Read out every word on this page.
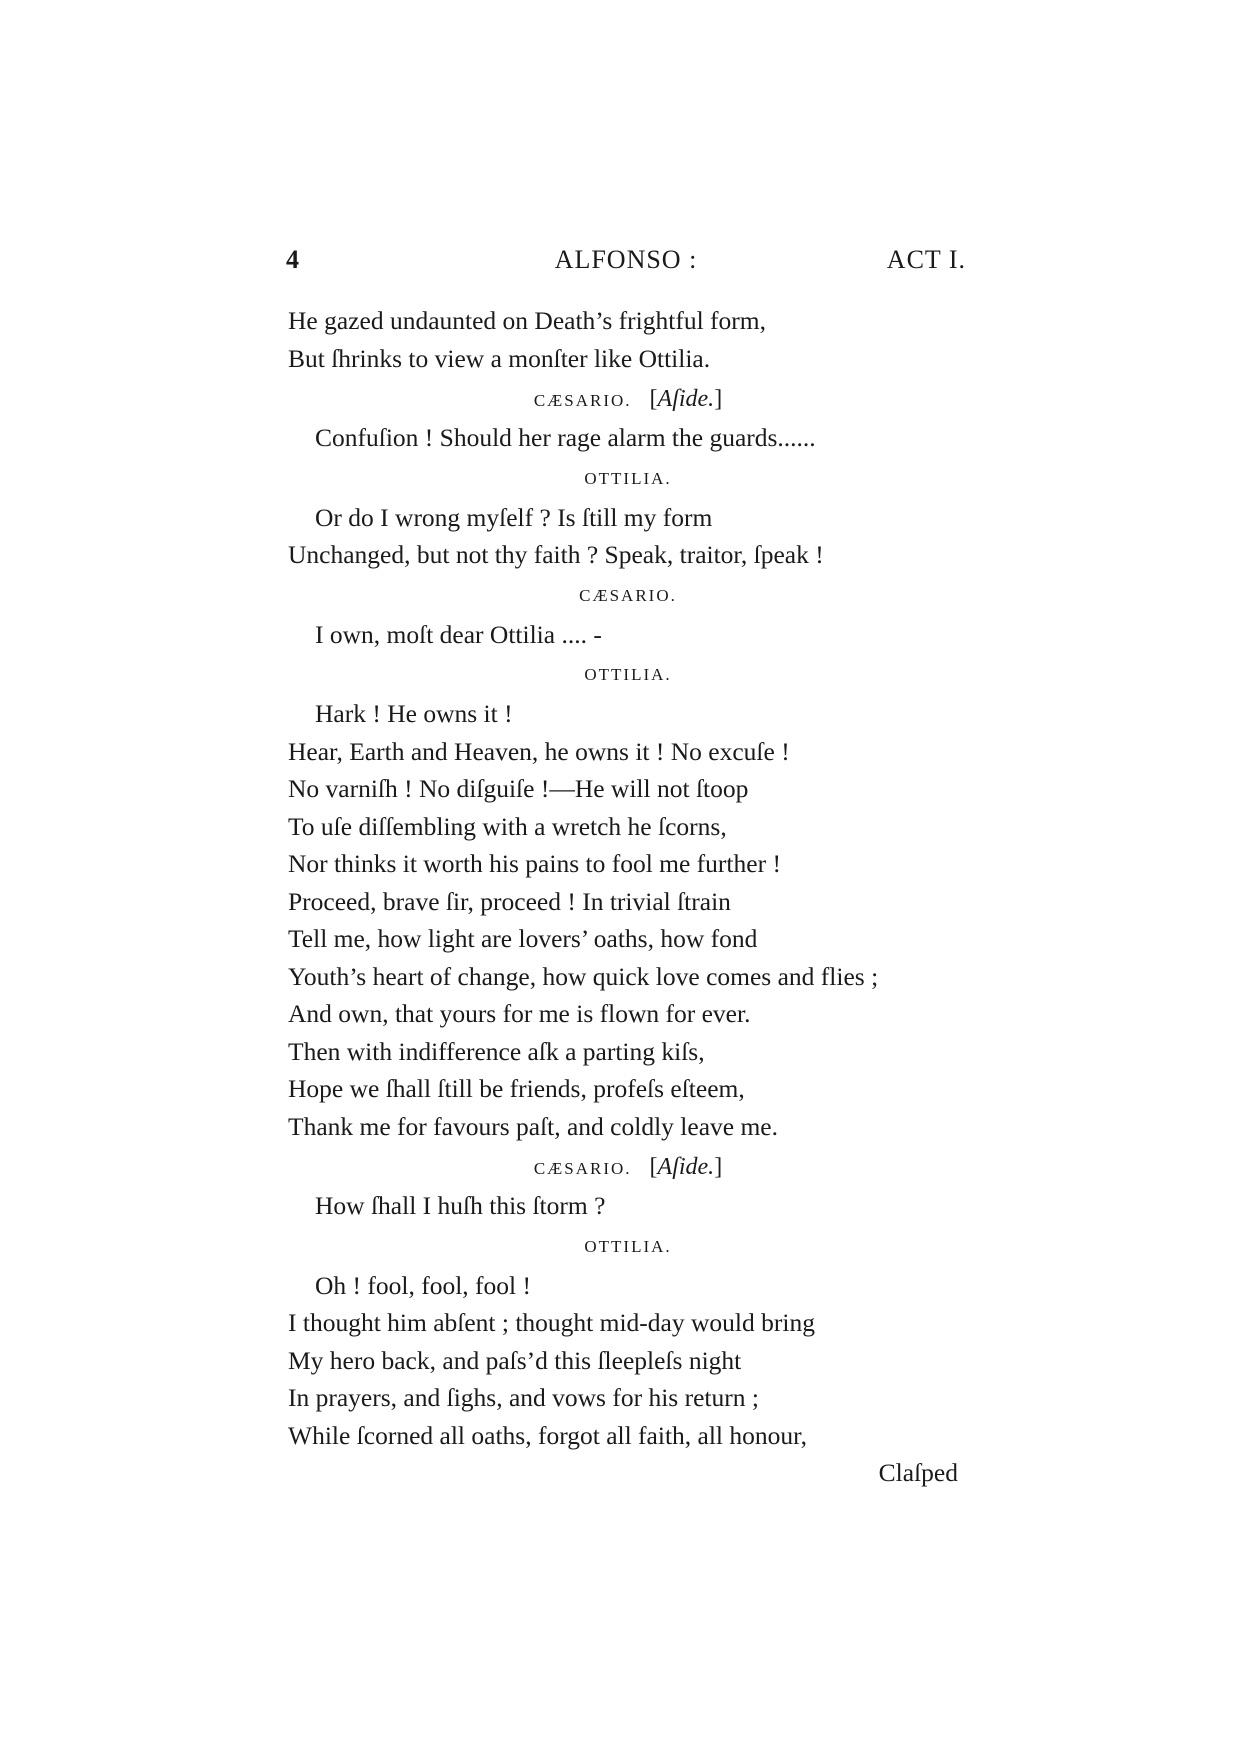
4	ALFONSO :	ACT I.
He gazed undaunted on Death’s frightful form,
But ſhrinks to view a monſter like Ottilia.
CÆSARIO. [Aſide.]
Confuſion ! Should her rage alarm the guards......
OTTILIA.
Or do I wrong myſelf ? Is ſtill my form
Unchanged, but not thy faith ? Speak, traitor, ſpeak !
CÆSARIO.
I own, moſt dear Ottilia .... -
OTTILIA.
Hark ! He owns it !
Hear, Earth and Heaven, he owns it ! No excuſe !
No varniſh ! No diſguiſe !—He will not ſtoop
To uſe diſſembling with a wretch he ſcorns,
Nor thinks it worth his pains to fool me further !
Proceed, brave ſir, proceed ! In trivial ſtrain
Tell me, how light are lovers’ oaths, how fond
Youth’s heart of change, how quick love comes and flies ;
And own, that yours for me is flown for ever.
Then with indifference aſk a parting kiſs,
Hope we ſhall ſtill be friends, profeſs eſteem,
Thank me for favours paſt, and coldly leave me.
CÆSARIO. [Aſide.]
How ſhall I huſh this ſtorm ?
OTTILIA.
Oh ! fool, fool, fool !
I thought him abſent ; thought mid-day would bring
My hero back, and paſs’d this ſleepleſs night
In prayers, and ſighs, and vows for his return ;
While ſcorned all oaths, forgot all faith, all honour,
Claſped
